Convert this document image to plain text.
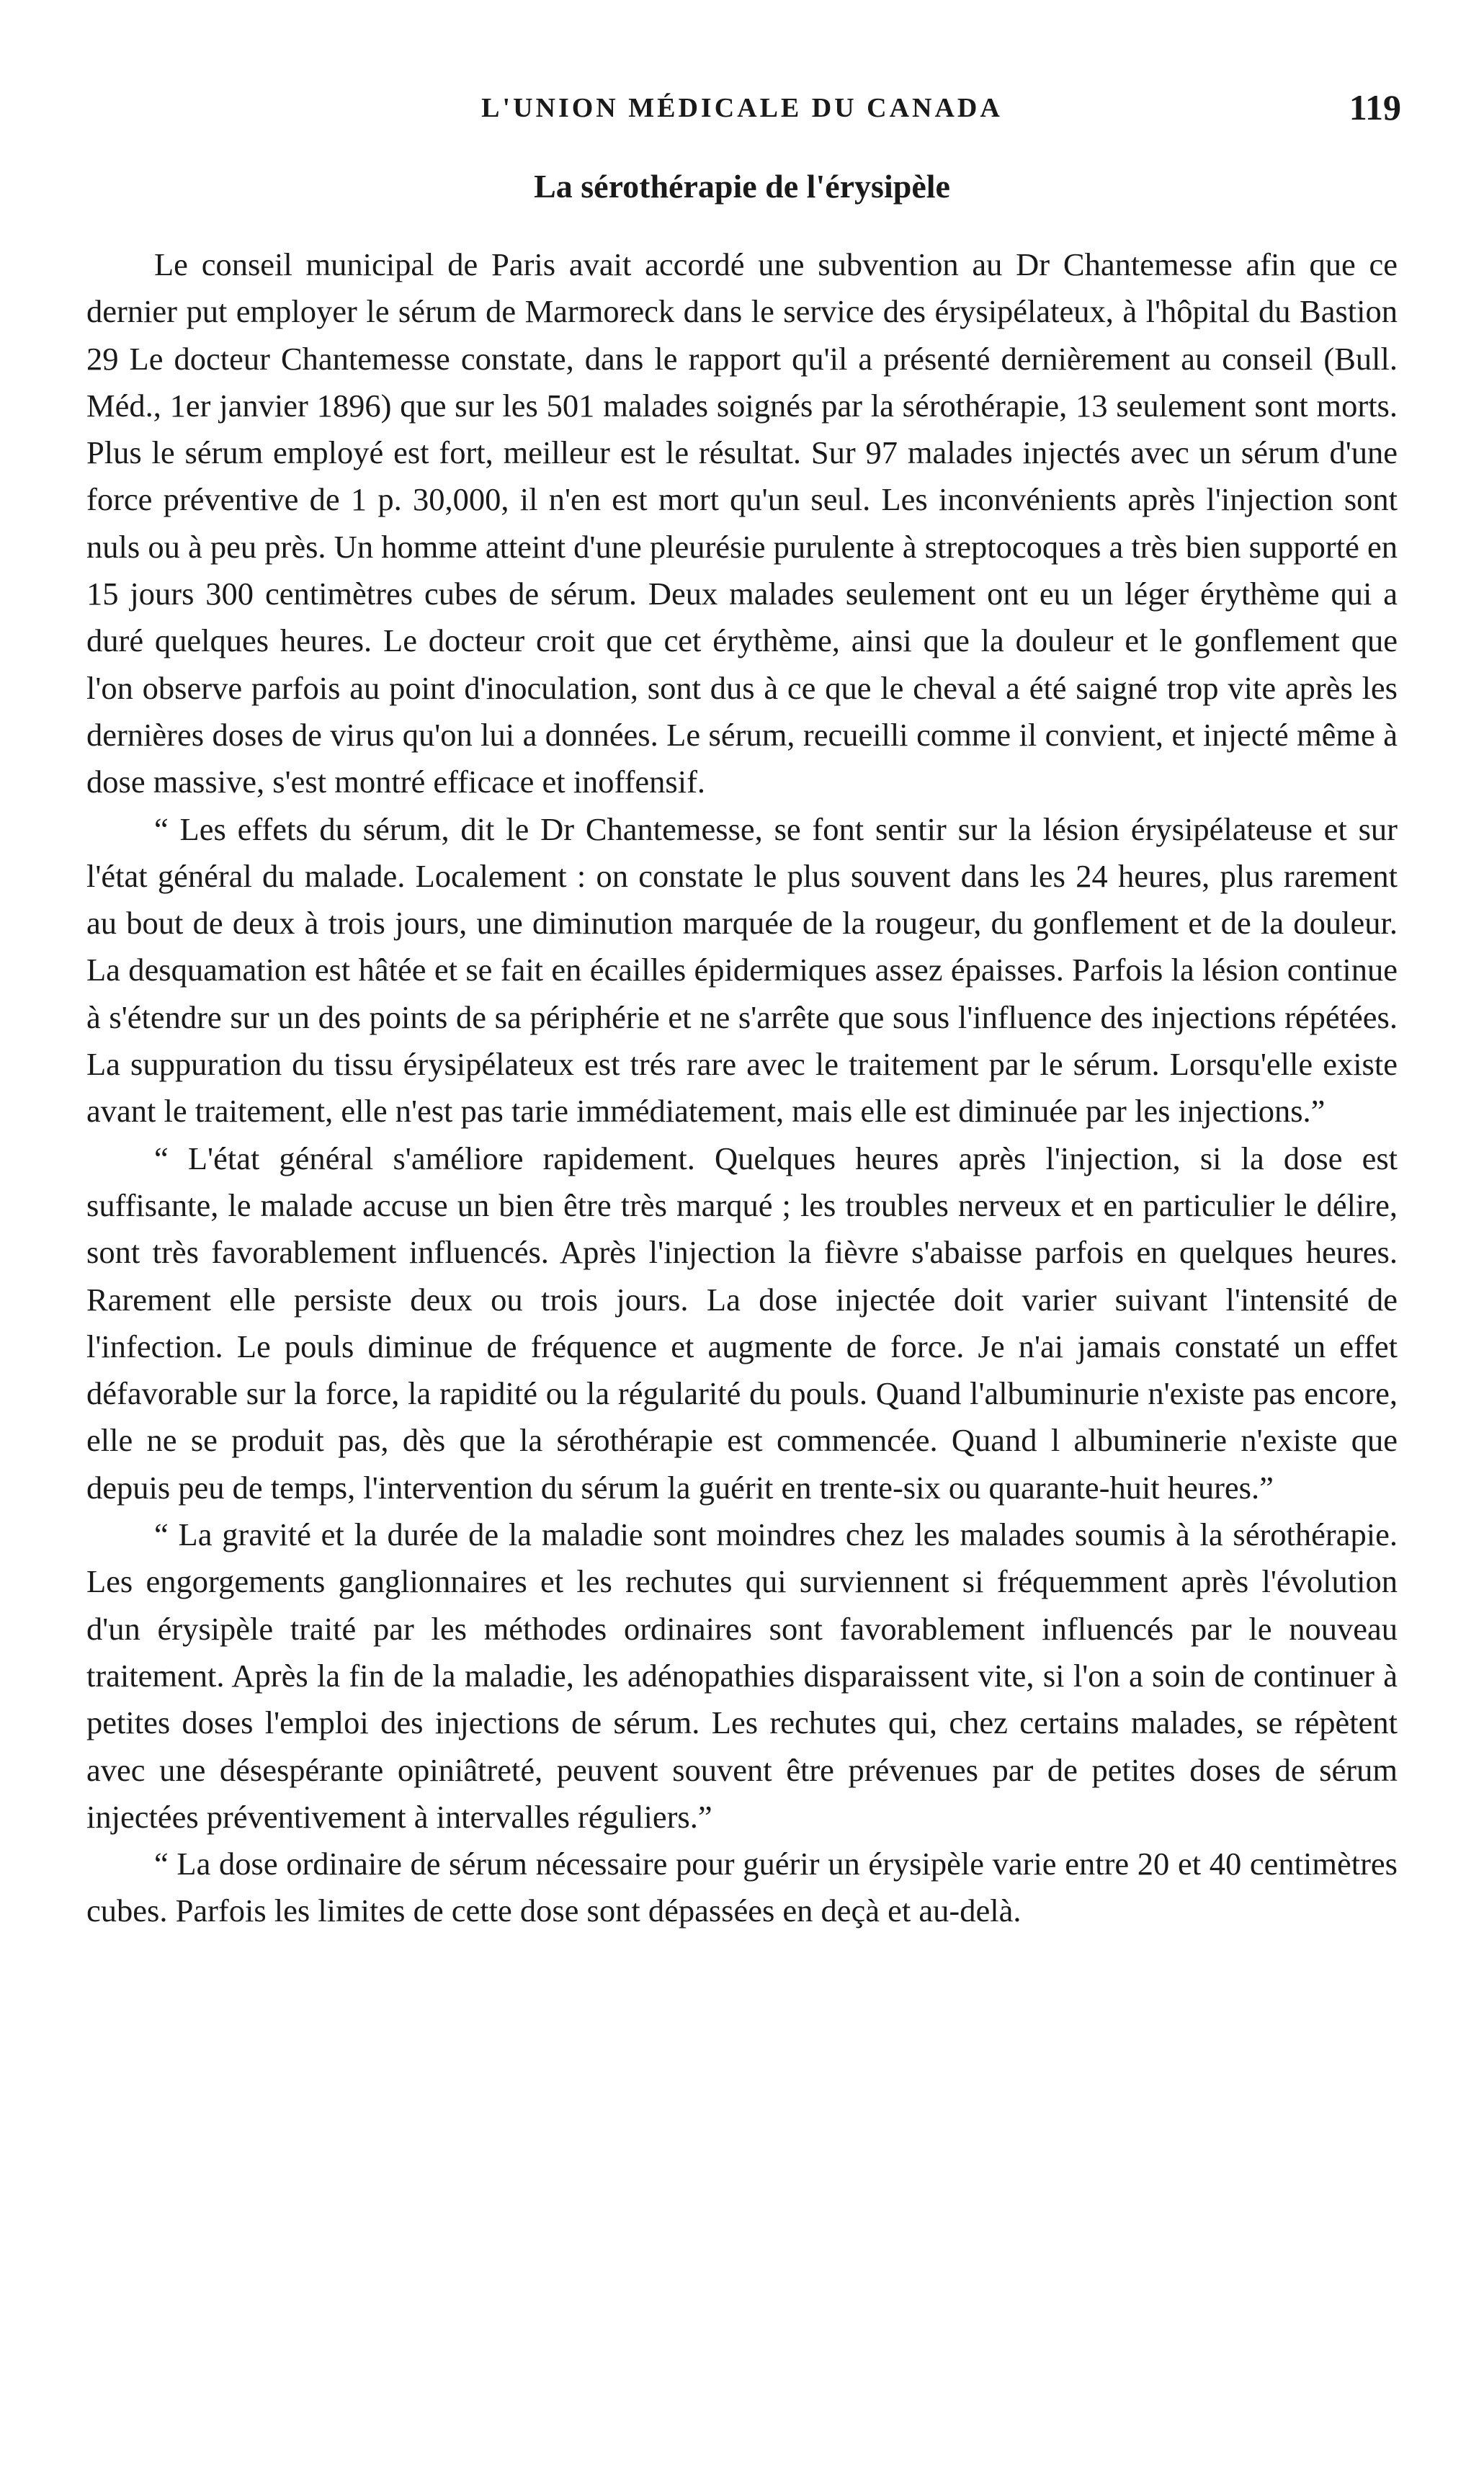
L'UNION MÉDICALE DU CANADA	119
La sérothérapie de l'érysipèle

Le conseil municipal de Paris avait accordé une subvention au Dr Chantemesse afin que ce dernier put employer le sérum de Marmoreck dans le service des érysipélateux, à l'hôpital du Bastion 29 Le docteur Chantemesse constate, dans le rapport qu'il a présenté dernièrement au conseil (Bull. Méd., 1er janvier 1896) que sur les 501 malades soignés par la sérothérapie, 13 seulement sont morts. Plus le sérum employé est fort, meilleur est le résultat. Sur 97 malades injectés avec un sérum d'une force préventive de 1 p. 30,000, il n'en est mort qu'un seul. Les inconvénients après l'injection sont nuls ou à peu près. Un homme atteint d'une pleurésie purulente à streptocoques a très bien supporté en 15 jours 300 centimètres cubes de sérum. Deux malades seulement ont eu un léger érythème qui a duré quelques heures. Le docteur croit que cet érythème, ainsi que la douleur et le gonflement que l'on observe parfois au point d'inoculation, sont dus à ce que le cheval a été saigné trop vite après les dernières doses de virus qu'on lui a données. Le sérum, recueilli comme il convient, et injecté même à dose massive, s'est montré efficace et inoffensif.

“ Les effets du sérum, dit le Dr Chantemesse, se font sentir sur la lésion érysipélateuse et sur l'état général du malade. Localement : on constate le plus souvent dans les 24 heures, plus rarement au bout de deux à trois jours, une diminution marquée de la rougeur, du gonflement et de la douleur. La desquamation est hâtée et se fait en écailles épidermiques assez épaisses. Parfois la lésion continue à s'étendre sur un des points de sa périphérie et ne s'arrête que sous l'influence des injections répétées. La suppuration du tissu érysipélateux est trés rare avec le traitement par le sérum. Lorsqu'elle existe avant le traitement, elle n'est pas tarie immédiatement, mais elle est diminuée par les injections.”

“ L'état général s'améliore rapidement. Quelques heures après l'injection, si la dose est suffisante, le malade accuse un bien être très marqué ; les troubles nerveux et en particulier le délire, sont très favorablement influencés. Après l'injection la fièvre s'abaisse parfois en quelques heures. Rarement elle persiste deux ou trois jours. La dose injectée doit varier suivant l'intensité de l'infection. Le pouls diminue de fréquence et augmente de force. Je n'ai jamais constaté un effet défavorable sur la force, la rapidité ou la régularité du pouls. Quand l'albuminurie n'existe pas encore, elle ne se produit pas, dès que la sérothérapie est commencée. Quand l albuminerie n'existe que depuis peu de temps, l'intervention du sérum la guérit en trente-six ou quarante-huit heures.”

“ La gravité et la durée de la maladie sont moindres chez les malades soumis à la sérothérapie. Les engorgements ganglionnaires et les rechutes qui surviennent si fréquemment après l'évolution d'un érysipèle traité par les méthodes ordinaires sont favorablement influencés par le nouveau traitement. Après la fin de la maladie, les adénopathies disparaissent vite, si l'on a soin de continuer à petites doses l'emploi des injections de sérum. Les rechutes qui, chez certains malades, se répètent avec une désespérante opiniâtreté, peuvent souvent être prévenues par de petites doses de sérum injectées préventivement à intervalles réguliers.”

“ La dose ordinaire de sérum nécessaire pour guérir un érysipèle varie entre 20 et 40 centimètres cubes. Parfois les limites de cette dose sont dépassées en deçà et au-delà.
